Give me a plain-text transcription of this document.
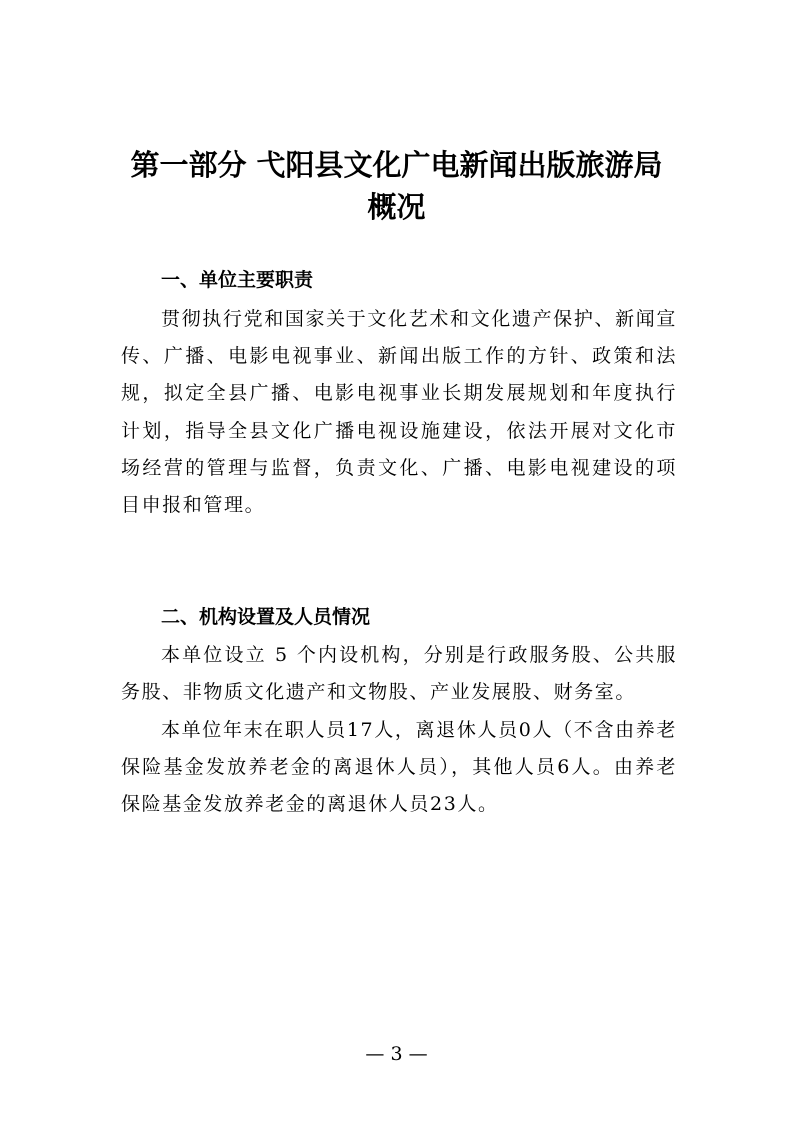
第一部分 弋阳县文化广电新闻出版旅游局
概况
一、单位主要职责

贯彻执行党和国家关于文化艺术和文化遗产保护、新闻宣传、广播、电影电视事业、新闻出版工作的方针、政策和法规，拟定全县广播、电影电视事业长期发展规划和年度执行计划，指导全县文化广播电视设施建设，依法开展对文化市场经营的管理与监督，负责文化、广播、电影电视建设的项目申报和管理。

二、机构设置及人员情况

本单位设立 5 个内设机构，分别是行政服务股、公共服务股、非物质文化遗产和文物股、产业发展股、财务室。

本单位年末在职人员17人，离退休人员0人（不含由养老保险基金发放养老金的离退休人员），其他人员6人。由养老保险基金发放养老金的离退休人员23人。

— 3 —
